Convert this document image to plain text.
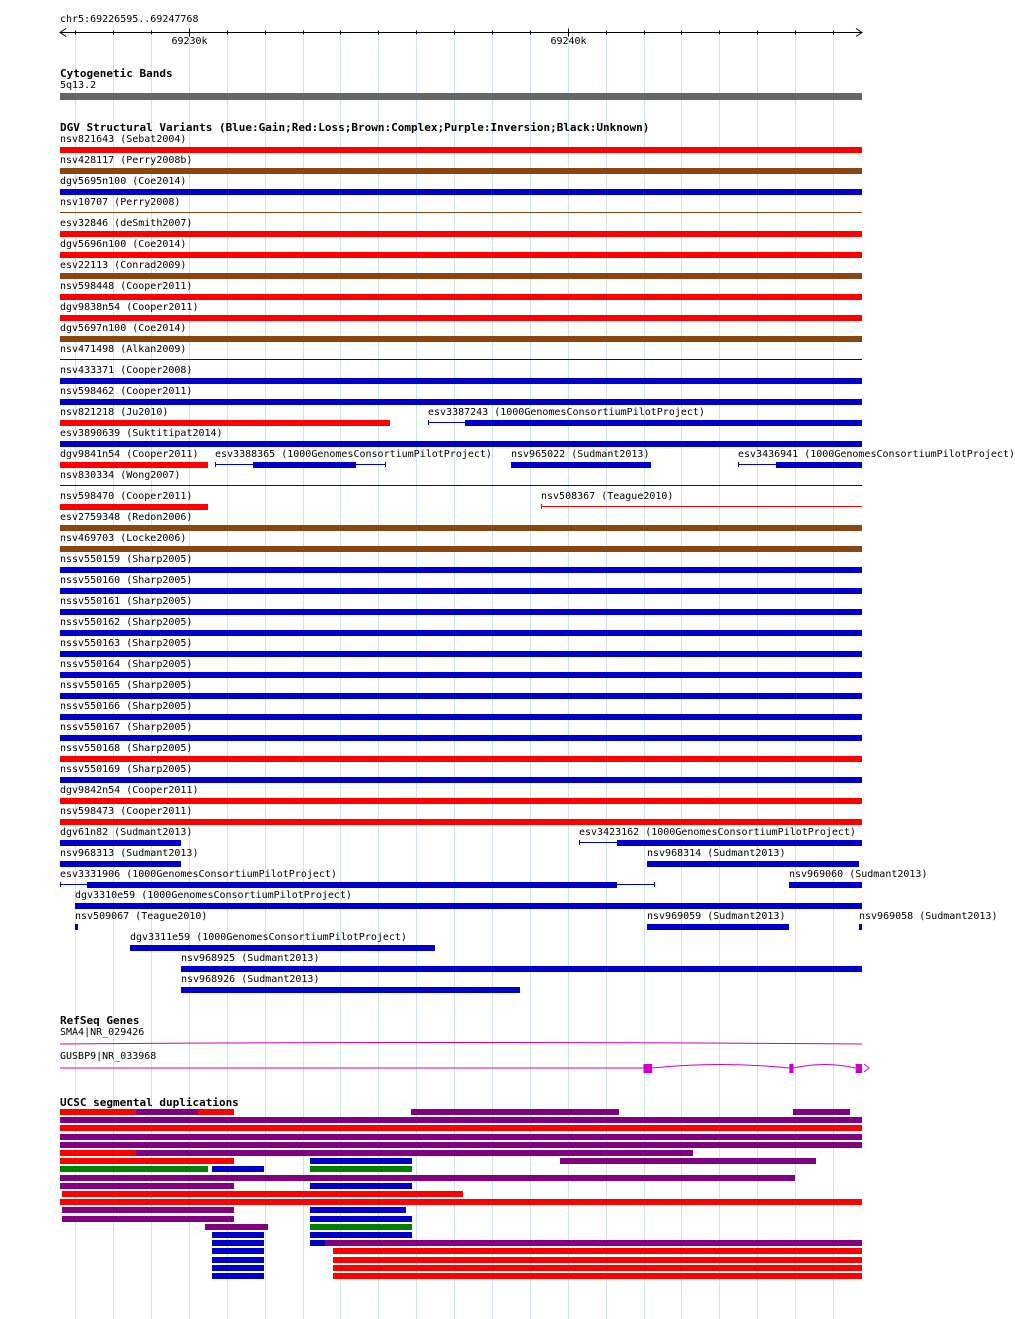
chr5:69226595..69247768
69230k	69240k
Cytogenetic Bands
5q13.2
DGV Structural Variants (Blue:Gain;Red:Loss;Brown:Complex;Purple:Inversion;Black:Unknown)
nsv821643 (Sebat2004)
nsv428117 (Perry2008b)
dgv5695n100 (Coe2014)
nsv10707 (Perry2008)
esv32846 (deSmith2007)
dgv5696n100 (Coe2014)
esv22113 (Conrad2009)
nsv598448 (Cooper2011)
dgv9838n54 (Cooper2011)
dgv5697n100 (Coe2014)
nsv471498 (Alkan2009)
nsv433371 (Cooper2008)
nsv598462 (Cooper2011)
nsv821218 (Ju2010)	esv3387243 (1000GenomesConsortiumPilotProject)
esv3890639 (Suktitipat2014)
dgv9841n54 (Cooper2011) esv3388365 (1000GenomesConsortiumPilotProject) nsv965022 (Sudmant2013)	esv3436941 (1000GenomesConsortiumPilotProject)
nsv830334 (Wong2007)
nsv598470 (Cooper2011)	nsv508367 (Teague2010)
esv2759348 (Redon2006)
nsv469703 (Locke2006)
nssv550159 (Sharp2005)
nssv550160 (Sharp2005)
nssv550161 (Sharp2005)
nssv550162 (Sharp2005)
nssv550163 (Sharp2005)
nssv550164 (Sharp2005)
nssv550165 (Sharp2005)
nssv550166 (Sharp2005)
nssv550167 (Sharp2005)
nssv550168 (Sharp2005)
nssv550169 (Sharp2005)
dgv9842n54 (Cooper2011)
nsv598473 (Cooper2011)
dgv61n82 (Sudmant2013)	esv3423162 (1000GenomesConsortiumPilotProject)
nsv968313 (Sudmant2013)	nsv968314 (Sudmant2013)
esv3331906 (1000GenomesConsortiumPilotProject)	nsv969060 (Sudmant2013)
dgv3310e59 (1000GenomesConsortiumPilotProject)
nsv509067 (Teague2010)	nsv969059 (Sudmant2013)	nsv969058 (Sudmant2013)
dgv3311e59 (1000GenomesConsortiumPilotProject)
nsv968925 (Sudmant2013)
nsv968926 (Sudmant2013)
RefSeq Genes
SMA4|NR_029426
GUSBP9|NR_033968
UCSC segmental duplications
